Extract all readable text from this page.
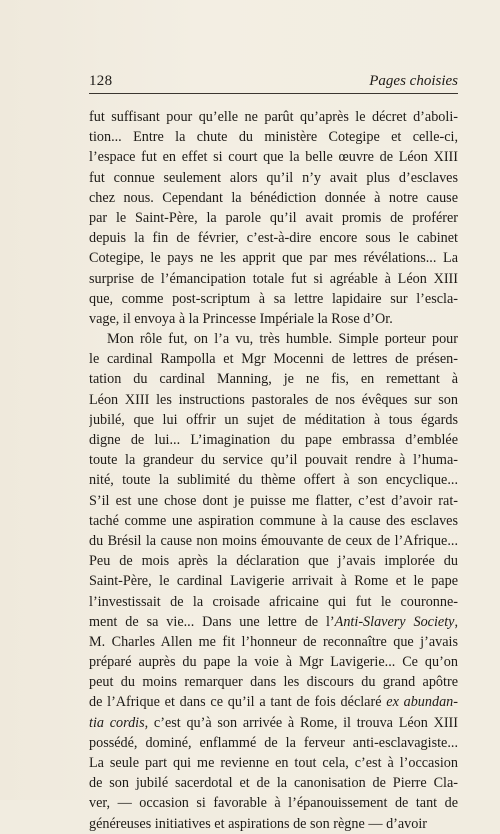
128	Pages choisies
fut suffisant pour qu’elle ne parût qu’après le décret d’aboli-
tion... Entre la chute du ministère Cotegipe et celle-ci,
l’espace fut en effet si court que la belle œuvre de Léon XIII
fut connue seulement alors qu’il n’y avait plus d’esclaves
chez nous. Cependant la bénédiction donnée à notre cause
par le Saint-Père, la parole qu’il avait promis de proférer
depuis la fin de février, c’est-à-dire encore sous le cabinet
Cotegipe, le pays ne les apprit que par mes révélations... La
surprise de l’émancipation totale fut si agréable à Léon XIII
que, comme post-scriptum à sa lettre lapidaire sur l’escla-
vage, il envoya à la Princesse Impériale la Rose d’Or.
Mon rôle fut, on l’a vu, très humble. Simple porteur pour
le cardinal Rampolla et Mgr Mocenni de lettres de présen-
tation du cardinal Manning, je ne fis, en remettant à
Léon XIII les instructions pastorales de nos évêques sur son
jubilé, que lui offrir un sujet de méditation à tous égards
digne de lui... L’imagination du pape embrassa d’emblée
toute la grandeur du service qu’il pouvait rendre à l’huma-
nité, toute la sublimité du thème offert à son encyclique...
S’il est une chose dont je puisse me flatter, c’est d’avoir rat-
taché comme une aspiration commune à la cause des esclaves
du Brésil la cause non moins émouvante de ceux de l’Afrique...
Peu de mois après la déclaration que j’avais implorée du
Saint-Père, le cardinal Lavigerie arrivait à Rome et le pape
l’investissait de la croisade africaine qui fut le couronne-
ment de sa vie... Dans une lettre de l’Anti-Slavery Society,
M. Charles Allen me fit l’honneur de reconnaître que j’avais
préparé auprès du pape la voie à Mgr Lavigerie... Ce qu’on
peut du moins remarquer dans les discours du grand apôtre
de l’Afrique et dans ce qu’il a tant de fois déclaré ex abundan-
tia cordis, c’est qu’à son arrivée à Rome, il trouva Léon XIII
possédé, dominé, enflammé de la ferveur anti-esclavagiste...
La seule part qui me revienne en tout cela, c’est à l’occasion
de son jubilé sacerdotal et de la canonisation de Pierre Cla-
ver, — occasion si favorable à l’épanouissement de tant de
généreuses initiatives et aspirations de son règne — d’avoir
